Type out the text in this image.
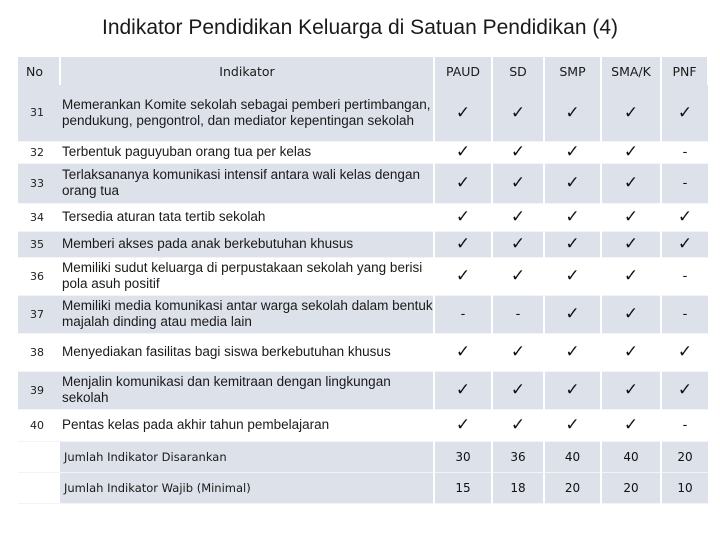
Indikator Pendidikan Keluarga di Satuan Pendidikan (4)
No	Indikator	PAUD	SD	SMP	SMA/K	PNF
31	Memerankan Komite sekolah sebagai pemberi pertimbangan, pendukung, pengontrol, dan mediator kepentingan sekolah	✓	✓	✓	✓	✓
32	Terbentuk paguyuban orang tua per kelas	✓	✓	✓	✓	-
33	Terlaksananya komunikasi intensif antara wali kelas dengan orang tua	✓	✓	✓	✓	-
34	Tersedia aturan tata tertib sekolah	✓	✓	✓	✓	✓
35	Memberi akses pada anak berkebutuhan khusus	✓	✓	✓	✓	✓
36	Memiliki sudut keluarga di perpustakaan sekolah yang berisi pola asuh positif	✓	✓	✓	✓	-
37	Memiliki media komunikasi antar warga sekolah dalam bentuk majalah dinding atau media lain	-	-	✓	✓	-
38	Menyediakan fasilitas bagi siswa berkebutuhan khusus	✓	✓	✓	✓	✓
39	Menjalin komunikasi dan kemitraan dengan lingkungan sekolah	✓	✓	✓	✓	✓
40	Pentas kelas pada akhir tahun pembelajaran	✓	✓	✓	✓	-
	Jumlah Indikator Disarankan	30	36	40	40	20
	Jumlah Indikator Wajib (Minimal)	15	18	20	20	10
